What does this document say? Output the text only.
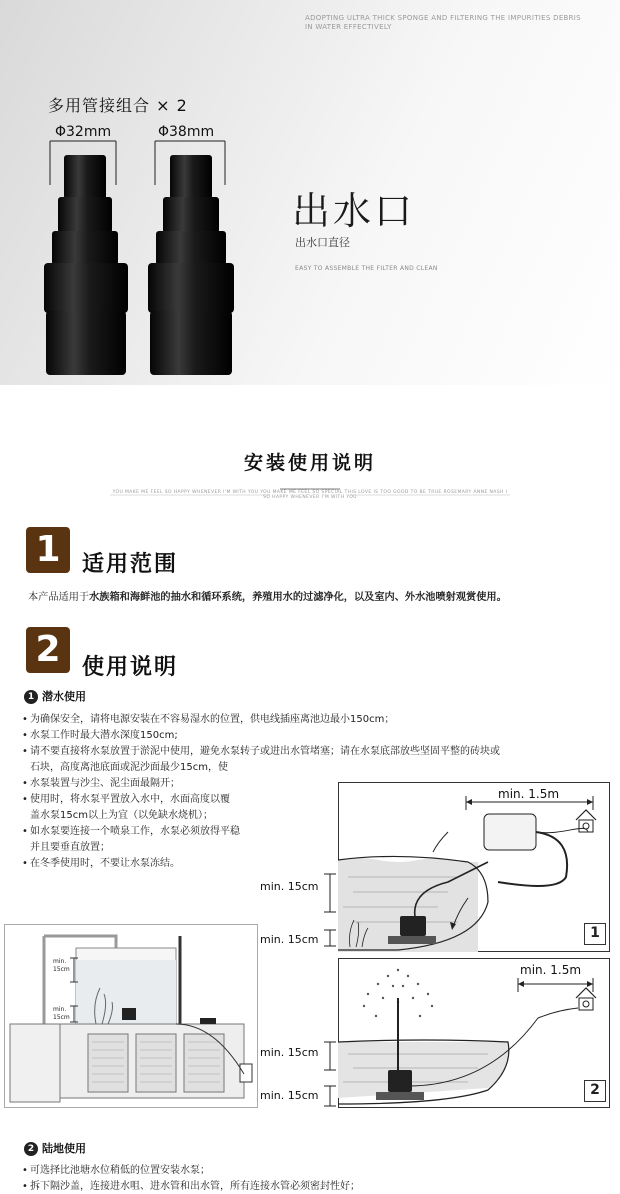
ADOPTING ULTRA THICK SPONGE AND FILTERING THE IMPURITIES DEBRIS
IN WATER EFFECTIVELY
多用管接组合 × 2
Φ32mm	Φ38mm
出水口
出水口直径
EASY TO ASSEMBLE THE FILTER AND CLEAN
安装使用说明
YOU MAKE ME FEEL SO HAPPY WHENEVER I'M WITH YOU YOU MAKE ME FEEL SO SPECIAL THIS LOVE IS TOO GOOD TO BE TRUE ROSEMARY ANNE NASH I SO HAPPY WHENEVER I'M WITH YOU
1 适用范围
本产品适用于水族箱和海鲜池的抽水和循环系统，养殖用水的过滤净化，以及室内、外水池喷射观赏使用。
2 使用说明
1 潜水使用
• 为确保安全，请将电源安装在不容易湿水的位置，供电线插座离池边最小150cm；
• 水泵工作时最大潜水深度150cm;
• 请不要直接将水泵放置于淤泥中使用，避免水泵转子或进出水管堵塞；请在水泵底部放些坚固平整的砖块或
石块，高度离池底面或泥沙面最少15cm，使
• 水泵装置与沙尘、泥尘面最隔开；
• 使用时，将水泵平置放入水中，水面高度以覆
盖水泵15cm以上为宜（以免缺水烧机）；
• 如水泵要连接一个喷泉工作，水泵必须放得平稳
并且要垂直放置；
• 在冬季使用时，不要让水泵冻结。
min. 1.5m
1
min. 15cm
min. 15cm
min. 1.5m
2
min. 15cm
min. 15cm
min.
15cm
min.
15cm
2 陆地使用
• 可选择比池塘水位稍低的位置安装水泵；
• 拆下隔沙盖，连接进水咀、进水管和出水管，所有连接水管必须密封性好；
